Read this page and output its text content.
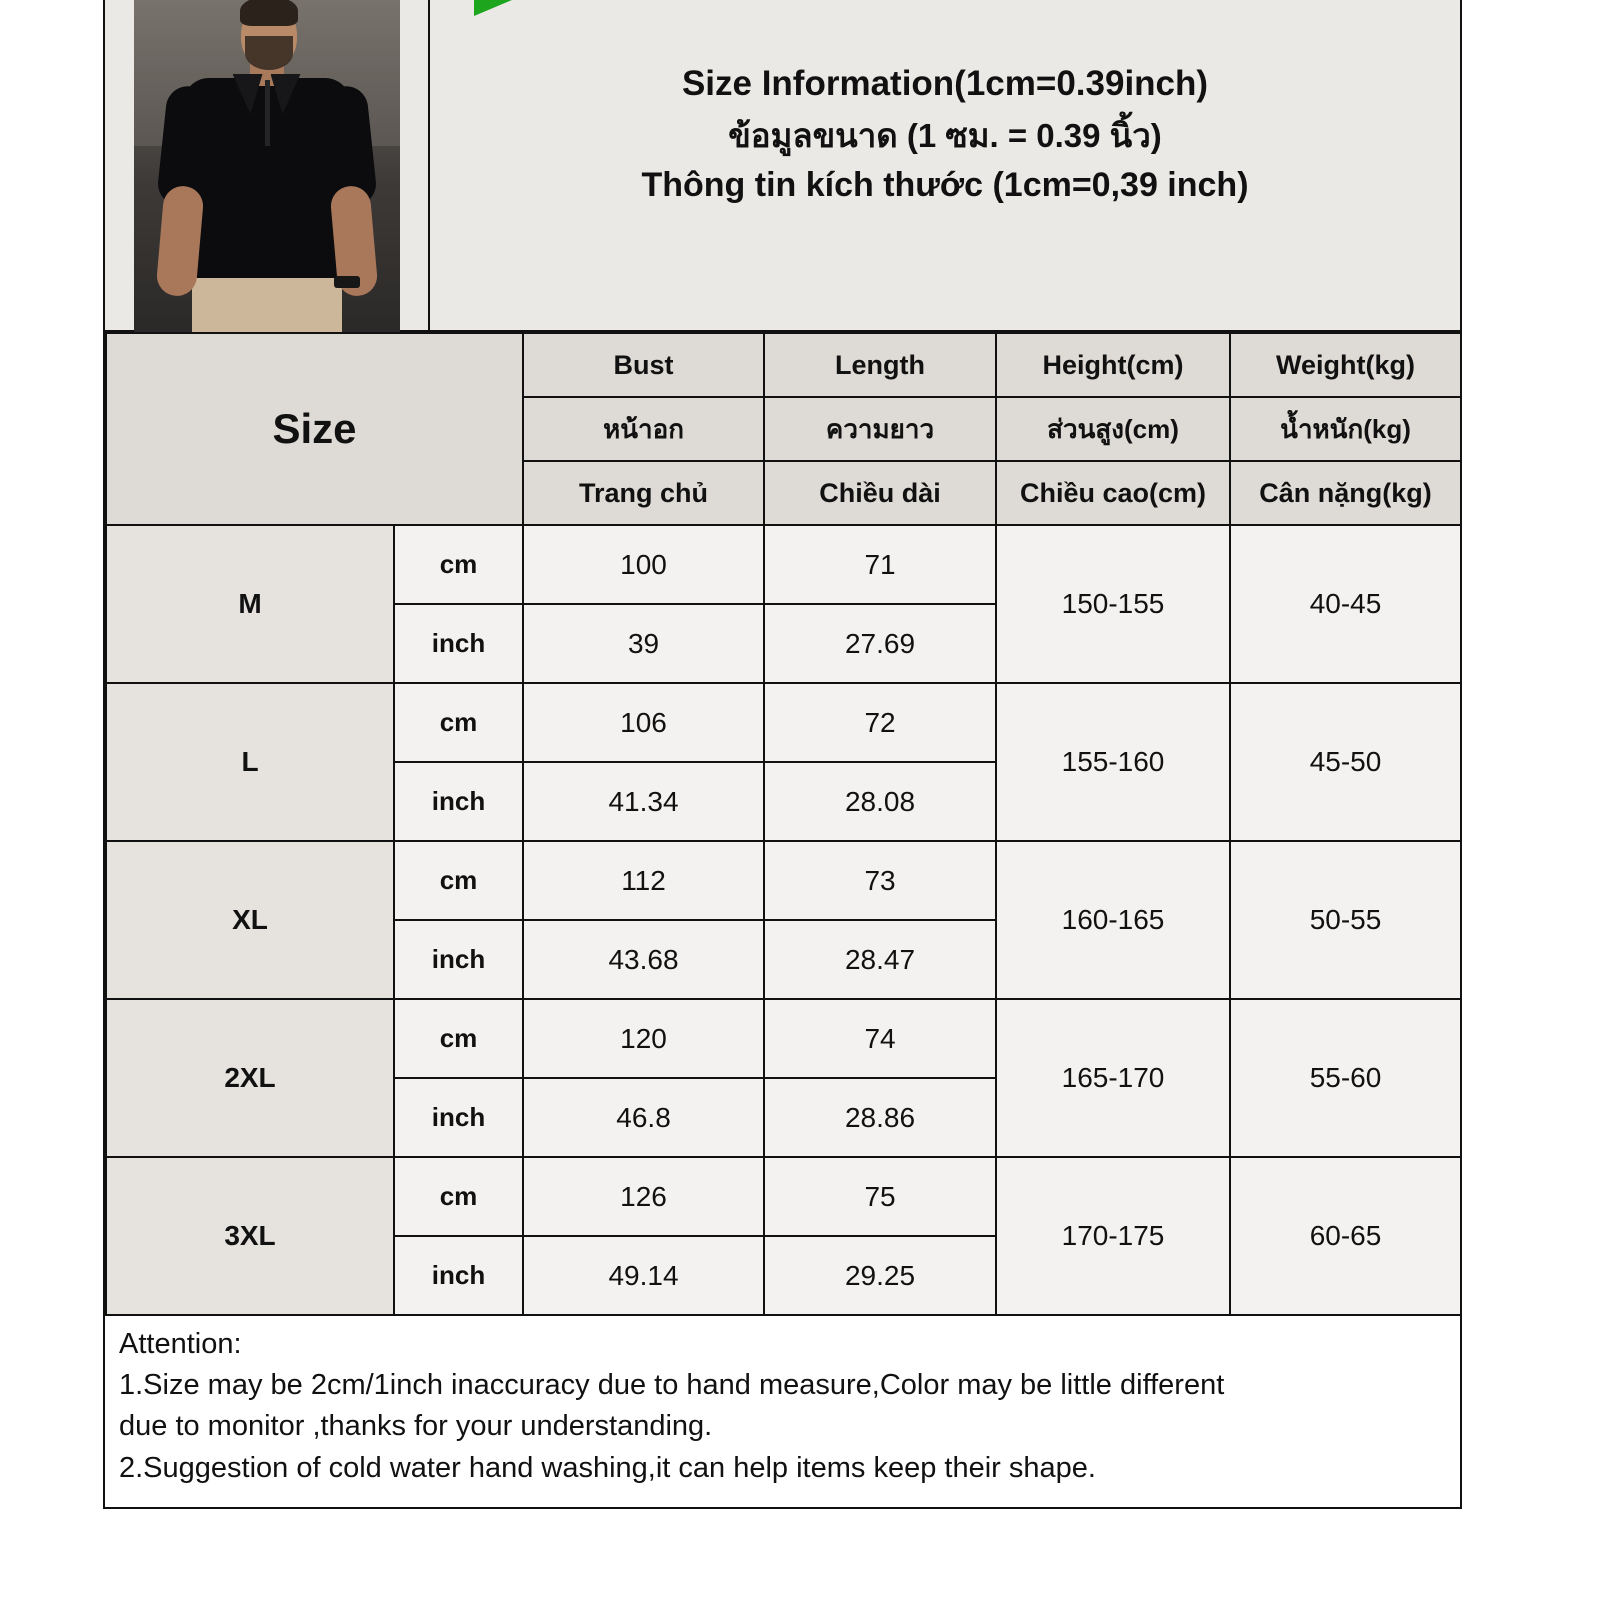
Size Information(1cm=0.39inch)
ข้อมูลขนาด (1 ซม. = 0.39 นิ้ว)
Thông tin kích thước (1cm=0,39 inch)
Size		Bust	Length	Height(cm)	Weight(kg)
		หน้าอก	ความยาว	ส่วนสูง(cm)	น้ำหนัก(kg)
		Trang chủ	Chiều dài	Chiều cao(cm)	Cân nặng(kg)
M	cm	100	71	150-155	40-45
	inch	39	27.69		
L	cm	106	72	155-160	45-50
	inch	41.34	28.08		
XL	cm	112	73	160-165	50-55
	inch	43.68	28.47		
2XL	cm	120	74	165-170	55-60
	inch	46.8	28.86		
3XL	cm	126	75	170-175	60-65
	inch	49.14	29.25		

Attention:

1.Size may be 2cm/1inch inaccuracy due to hand measure,Color may be little different

due to monitor ,thanks for your understanding.

2.Suggestion of cold water hand washing,it can help items keep their shape.
